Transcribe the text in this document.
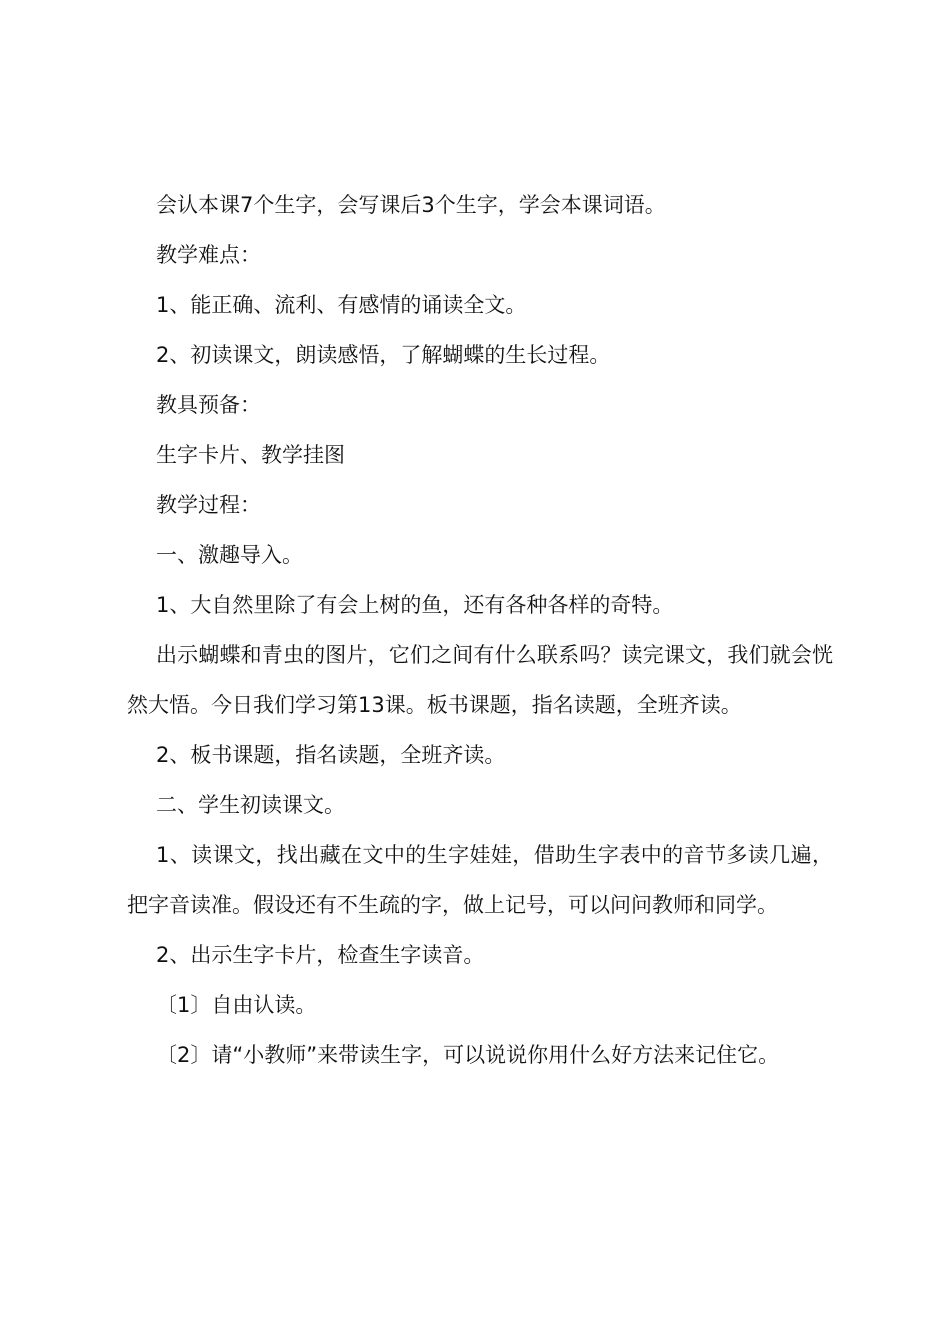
会认本课7个生字，会写课后3个生字，学会本课词语。

教学难点：

1、能正确、流利、有感情的诵读全文。

2、初读课文，朗读感悟，了解蝴蝶的生长过程。

教具预备：

生字卡片、教学挂图

教学过程：

一、激趣导入。

1、大自然里除了有会上树的鱼，还有各种各样的奇特。

出示蝴蝶和青虫的图片，它们之间有什么联系吗？读完课文，我们就会恍然大悟。今日我们学习第13课。板书课题，指名读题，全班齐读。

2、板书课题，指名读题，全班齐读。

二、学生初读课文。

1、读课文，找出藏在文中的生字娃娃，借助生字表中的音节多读几遍，把字音读准。假设还有不生疏的字，做上记号，可以问问教师和同学。

2、出示生字卡片，检查生字读音。

〔1〕自由认读。

〔2〕请“小教师”来带读生字，可以说说你用什么好方法来记住它。
